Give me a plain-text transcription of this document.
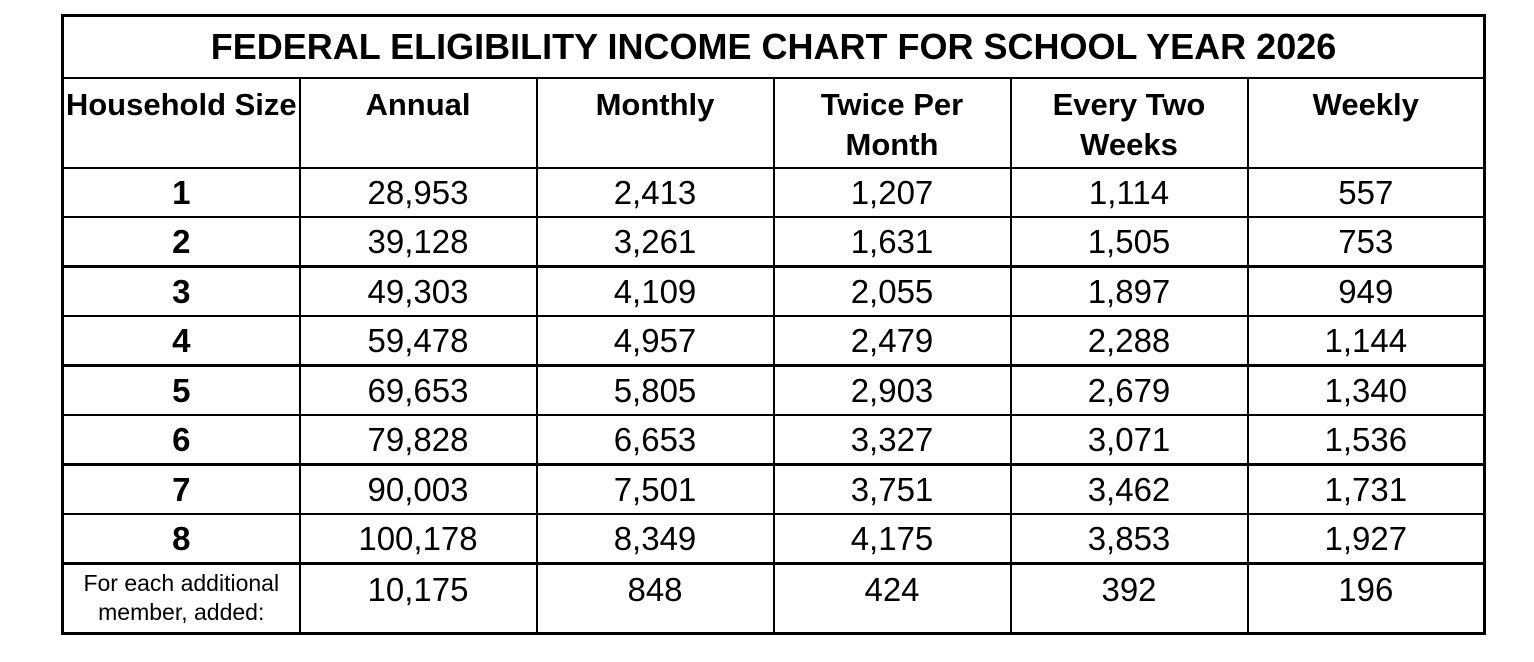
FEDERAL ELIGIBILITY INCOME CHART FOR SCHOOL YEAR 2026					

Household Size	Annual	Monthly	Twice Per Month	Every Two Weeks	Weekly

1	28,953	2,413	1,207	1,114	557
2	39,128	3,261	1,631	1,505	753
3	49,303	4,109	2,055	1,897	949
4	59,478	4,957	2,479	2,288	1,144
5	69,653	5,805	2,903	2,679	1,340
6	79,828	6,653	3,327	3,071	1,536
7	90,003	7,501	3,751	3,462	1,731
8	100,178	8,349	4,175	3,853	1,927
For each additional member, added:	10,175	848	424	392	196
